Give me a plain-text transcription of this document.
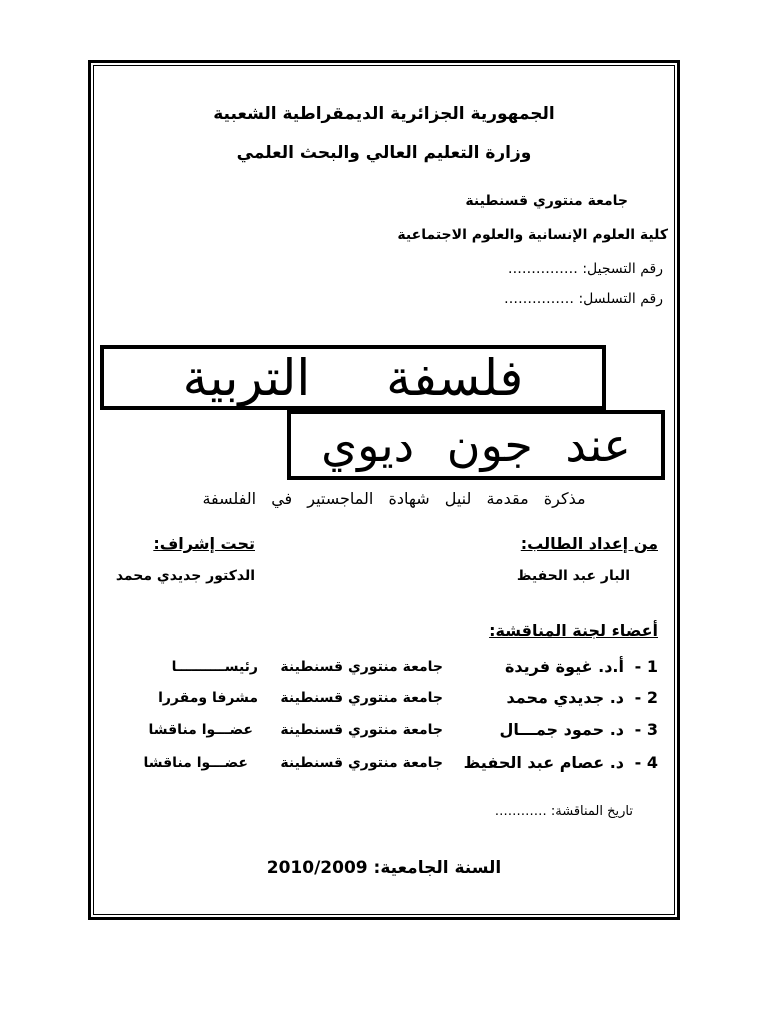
الجمهورية الجزائرية الديمقراطية الشعبية
وزارة التعليم العالي والبحث العلمي
جامعة منتوري قسنطينة
كلية العلوم الإنسانية والعلوم الاجتماعية
رقم التسجيل: ……………
رقم التسلسل: ……………
فلسفة التربية
عند جون ديوي
مذكرة مقدمة لنيل شهادة الماجستير في الفلسفة
من إعداد الطالب:
البار عبد الحفيظ
تحت إشراف:
الدكتور جديدي محمد
أعضاء لجنة المناقشة:
1 -
أ.د. غيوة فريدة
جامعة منتوري قسنطينة
رئيســــــــــا
2 -
د. جديدي محمد
جامعة منتوري قسنطينة
مشرفا ومقررا
3 -
د. حمود جمـــال
جامعة منتوري قسنطينة
عضـــوا مناقشا
4 -
د. عصام عبد الحفيظ
جامعة منتوري قسنطينة
عضـــوا مناقشا
تاريخ المناقشة: …………
السنة الجامعية: 2010/2009
